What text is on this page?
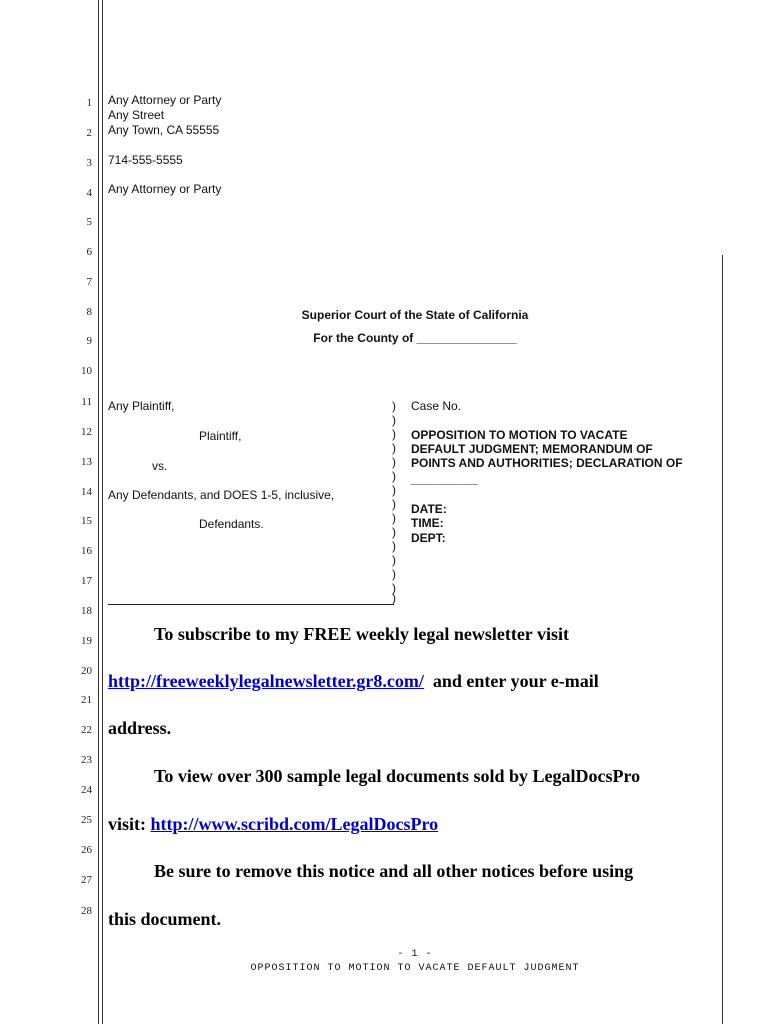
1
2
3
4
5
6
7
8
9
10
11
12
13
14
15
16
17
18
19
20
21
22
23
24
25
26
27
28
Any Attorney or Party
Any Street
Any Town, CA 55555
714-555-5555
Any Attorney or Party
Superior Court of the State of California
For the County of _______________
Any Plaintiff,
Plaintiff,
vs.
Any Defendants, and DOES 1-5, inclusive,
Defendants.
)
)
)
)
)
)
)
)
)
)
)
)
)
)
)
Case No.
OPPOSITION TO MOTION TO VACATE
DEFAULT JUDGMENT; MEMORANDUM OF
POINTS AND AUTHORITIES; DECLARATION OF
__________
DATE:
TIME:
DEPT:
To subscribe to my FREE weekly legal newsletter visit
http://freeweeklylegalnewsletter.gr8.com/ and enter your e-mail
address.
To view over 300 sample legal documents sold by LegalDocsPro
visit: http://www.scribd.com/LegalDocsPro
Be sure to remove this notice and all other notices before using
this document.
- 1 -
OPPOSITION TO MOTION TO VACATE DEFAULT JUDGMENT
